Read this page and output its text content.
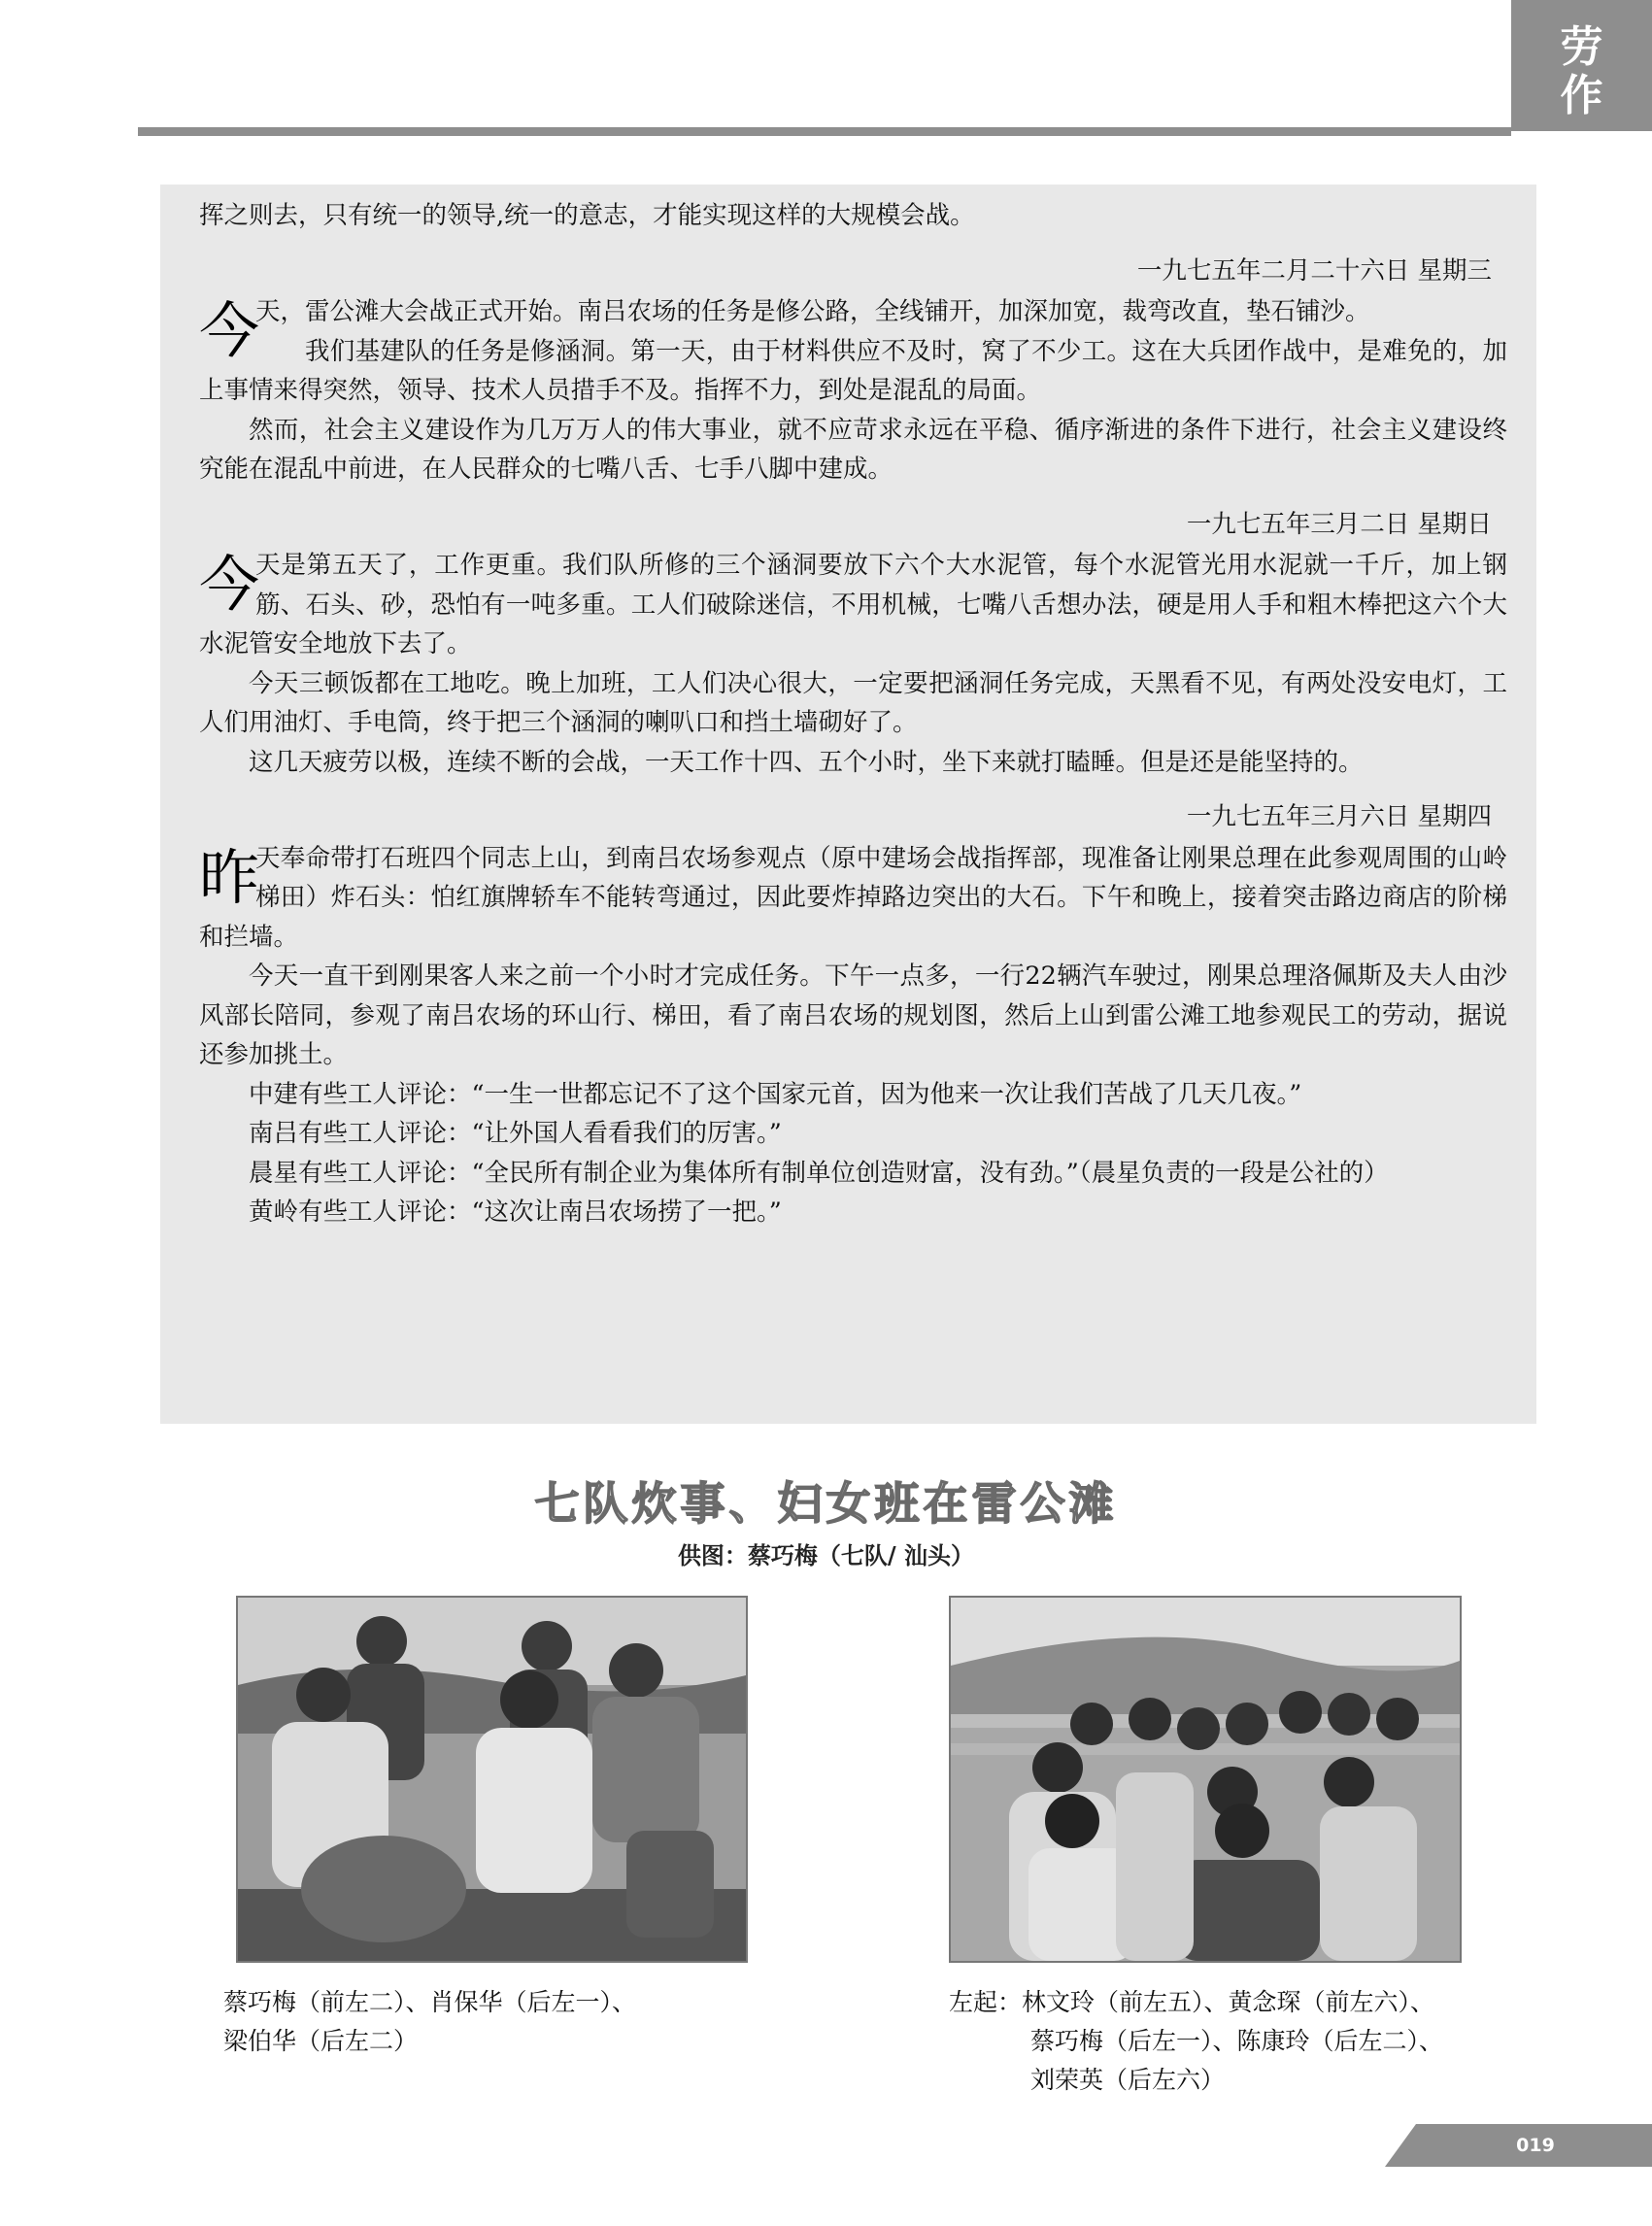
劳
作

挥之则去，只有统一的领导,统一的意志，才能实现这样的大规模会战。

一九七五年二月二十六日 星期三

今
天，雷公滩大会战正式开始。南吕农场的任务是修公路，全线铺开，加深加宽，裁弯改直，垫石铺沙。

我们基建队的任务是修涵洞。第一天，由于材料供应不及时，窝了不少工。这在大兵团作战中，是难免的，加上事情来得突然，领导、技术人员措手不及。指挥不力，到处是混乱的局面。

然而，社会主义建设作为几万万人的伟大事业，就不应苛求永远在平稳、循序渐进的条件下进行，社会主义建设终究能在混乱中前进，在人民群众的七嘴八舌、七手八脚中建成。

一九七五年三月二日 星期日

今
天是第五天了，工作更重。我们队所修的三个涵洞要放下六个大水泥管，每个水泥管光用水泥就一千斤，加上钢筋、石头、砂，恐怕有一吨多重。工人们破除迷信，不用机械，七嘴八舌想办法，硬是用人手和粗木棒把这六个大水泥管安全地放下去了。

今天三顿饭都在工地吃。晚上加班，工人们决心很大，一定要把涵洞任务完成，天黑看不见，有两处没安电灯，工人们用油灯、手电筒，终于把三个涵洞的喇叭口和挡土墙砌好了。

这几天疲劳以极，连续不断的会战，一天工作十四、五个小时，坐下来就打瞌睡。但是还是能坚持的。

一九七五年三月六日 星期四

昨
天奉命带打石班四个同志上山，到南吕农场参观点（原中建场会战指挥部，现准备让刚果总理在此参观周围的山岭梯田）炸石头：怕红旗牌轿车不能转弯通过，因此要炸掉路边突出的大石。下午和晚上，接着突击路边商店的阶梯和拦墙。

今天一直干到刚果客人来之前一个小时才完成任务。下午一点多，一行22辆汽车驶过，刚果总理洛佩斯及夫人由沙风部长陪同，参观了南吕农场的环山行、梯田，看了南吕农场的规划图，然后上山到雷公滩工地参观民工的劳动，据说还参加挑土。

中建有些工人评论：“一生一世都忘记不了这个国家元首，因为他来一次让我们苦战了几天几夜。”

南吕有些工人评论：“让外国人看看我们的厉害。”

晨星有些工人评论：“全民所有制企业为集体所有制单位创造财富，没有劲。”（晨星负责的一段是公社的）

黄岭有些工人评论：“这次让南吕农场捞了一把。”

七队炊事、妇女班在雷公滩
供图：蔡巧梅（七队/ 汕头）

蔡巧梅（前左二）、肖保华（后左一）、

梁伯华（后左二）

左起：林文玲（前左五）、黄念琛（前左六）、

蔡巧梅（后左一）、陈康玲（后左二）、

刘荣英（后左六）

019
